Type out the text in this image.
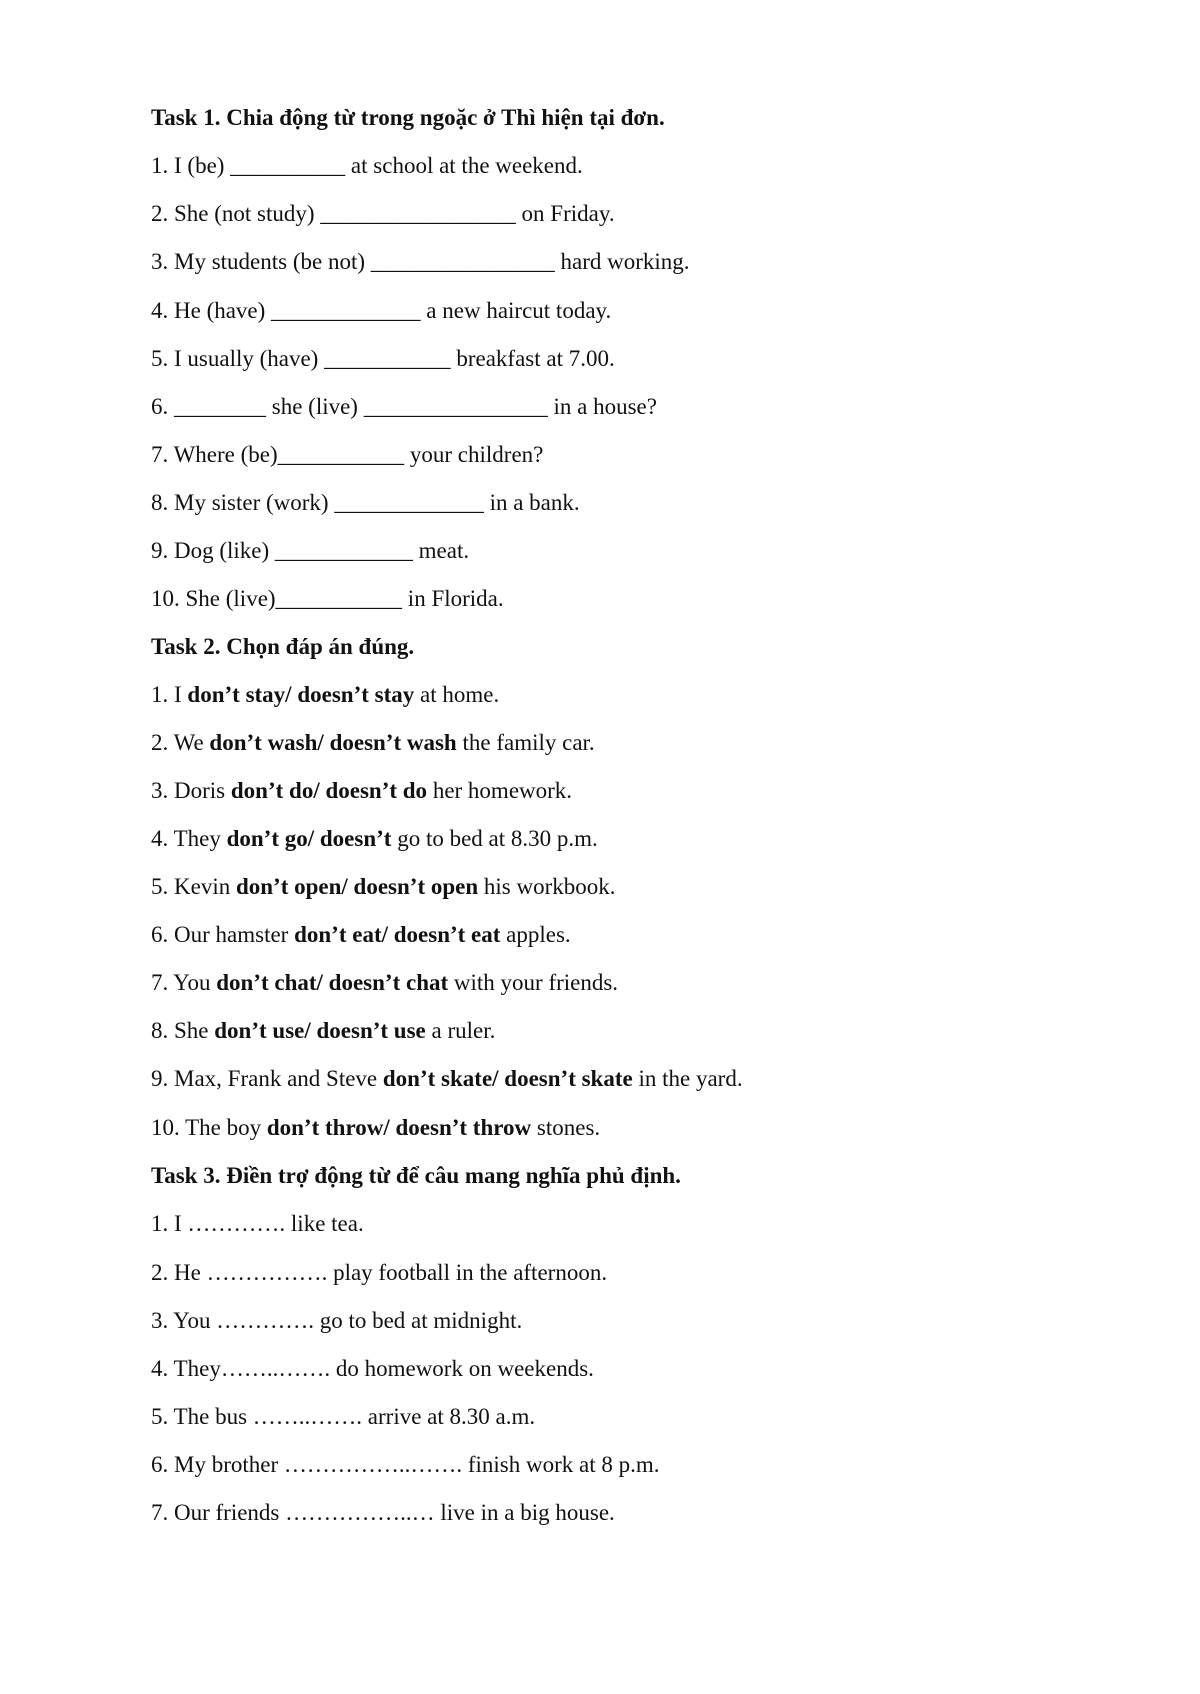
Task 1. Chia động từ trong ngoặc ở Thì hiện tại đơn.
1. I (be) __________ at school at the weekend.
2. She (not study) _________________ on Friday.
3. My students (be not) ________________ hard working.
4. He (have) _____________ a new haircut today.
5. I usually (have) ___________ breakfast at 7.00.
6. ________ she (live) ________________ in a house?
7. Where (be)___________ your children?
8. My sister (work) _____________ in a bank.
9. Dog (like) ____________ meat.
10. She (live)___________ in Florida.
Task 2. Chọn đáp án đúng.
1. I don’t stay/ doesn’t stay at home.
2. We don’t wash/ doesn’t wash the family car.
3. Doris don’t do/ doesn’t do her homework.
4. They don’t go/ doesn’t go to bed at 8.30 p.m.
5. Kevin don’t open/ doesn’t open his workbook.
6. Our hamster don’t eat/ doesn’t eat apples.
7. You don’t chat/ doesn’t chat with your friends.
8. She don’t use/ doesn’t use a ruler.
9. Max, Frank and Steve don’t skate/ doesn’t skate in the yard.
10. The boy don’t throw/ doesn’t throw stones.
Task 3. Điền trợ động từ để câu mang nghĩa phủ định.
1. I …………. like tea.
2. He ……………. play football in the afternoon.
3. You …………. go to bed at midnight.
4. They……..……. do homework on weekends.
5. The bus ……..……. arrive at 8.30 a.m.
6. My brother ……………..……. finish work at 8 p.m.
7. Our friends ……………..… live in a big house.
